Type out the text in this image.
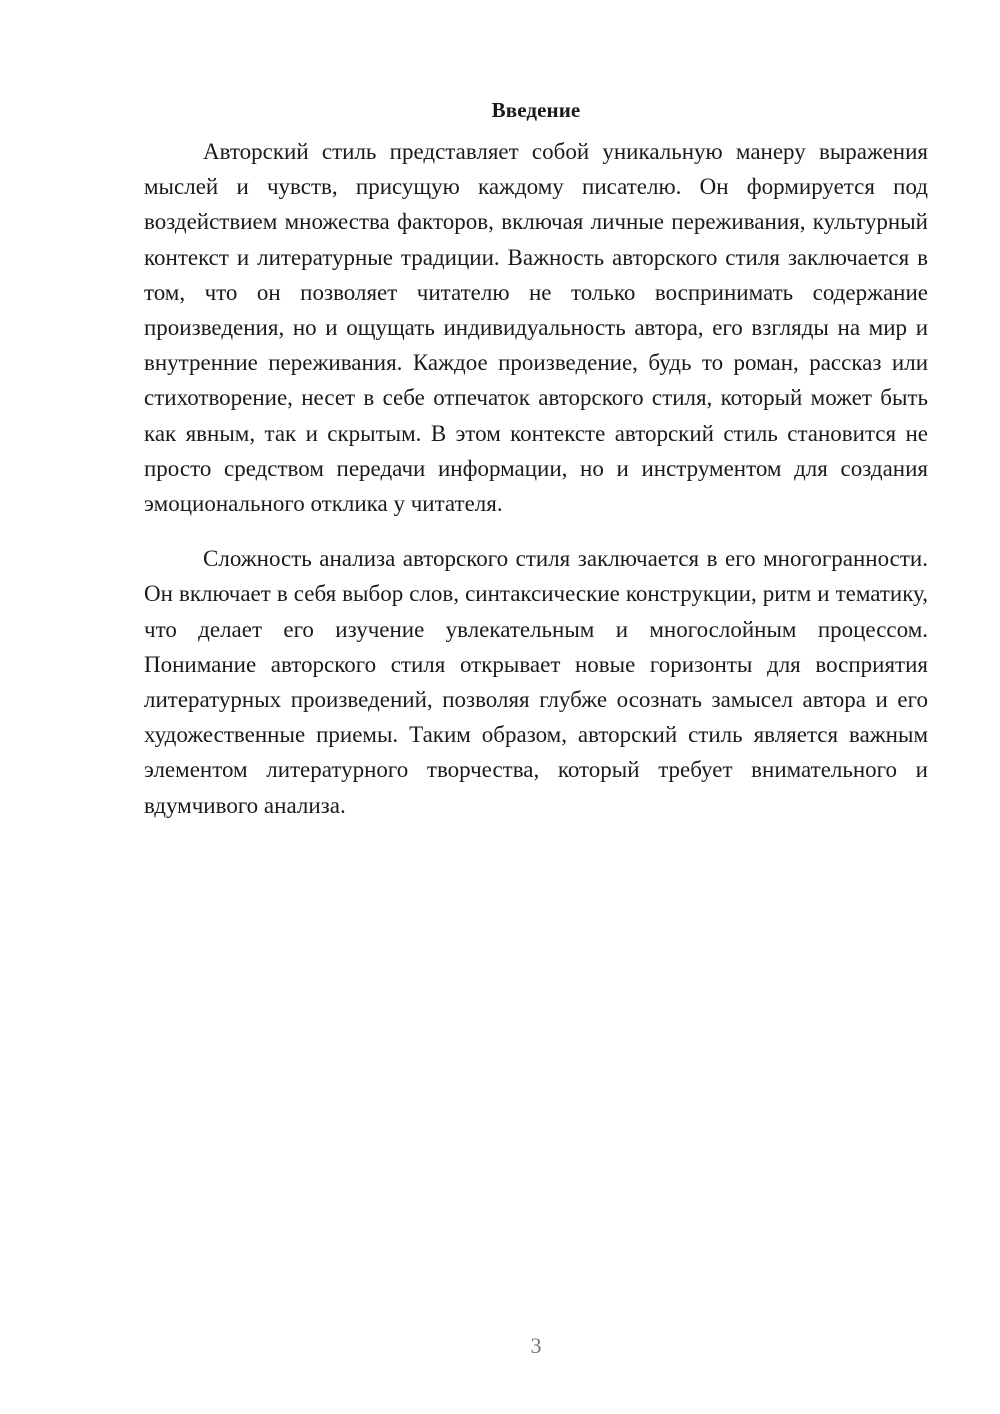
Введение

Авторский стиль представляет собой уникальную манеру выражения мыслей и чувств, присущую каждому писателю. Он формируется под воздействием множества факторов, включая личные переживания, культурный контекст и литературные традиции. Важность авторского стиля заключается в том, что он позволяет читателю не только воспринимать содержание произведения, но и ощущать индивидуальность автора, его взгляды на мир и внутренние переживания. Каждое произведение, будь то роман, рассказ или стихотворение, несет в себе отпечаток авторского стиля, который может быть как явным, так и скрытым. В этом контексте авторский стиль становится не просто средством передачи информации, но и инструментом для создания эмоционального отклика у читателя.

Сложность анализа авторского стиля заключается в его многогранности. Он включает в себя выбор слов, синтаксические конструкции, ритм и тематику, что делает его изучение увлекательным и многослойным процессом. Понимание авторского стиля открывает новые горизонты для восприятия литературных произведений, позволяя глубже осознать замысел автора и его художественные приемы. Таким образом, авторский стиль является важным элементом литературного творчества, который требует внимательного и вдумчивого анализа.

3
